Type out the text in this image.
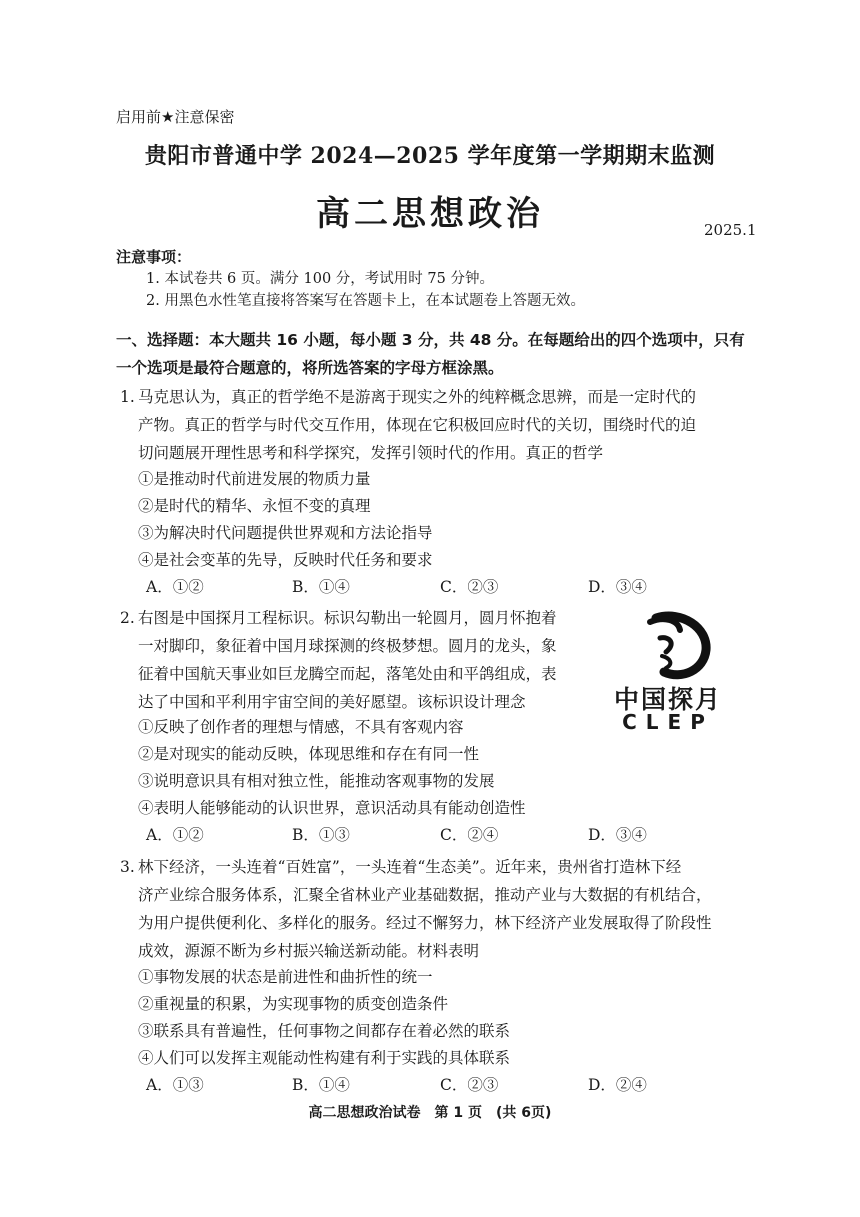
启用前★注意保密
贵阳市普通中学 2024—2025 学年度第一学期期末监测
高二思想政治	2025.1
注意事项：
1. 本试卷共 6 页。满分 100 分，考试用时 75 分钟。
2. 用黑色水性笔直接将答案写在答题卡上，在本试题卷上答题无效。
一、选择题：本大题共 16 小题，每小题 3 分，共 48 分。在每题给出的四个选项中，只有一个选项是最符合题意的，将所选答案的字母方框涂黑。
1. 马克思认为，真正的哲学绝不是游离于现实之外的纯粹概念思辨，而是一定时代的
产物。真正的哲学与时代交互作用，体现在它积极回应时代的关切，围绕时代的迫
切问题展开理性思考和科学探究，发挥引领时代的作用。真正的哲学
①是推动时代前进发展的物质力量
②是时代的精华、永恒不变的真理
③为解决时代问题提供世界观和方法论指导
④是社会变革的先导，反映时代任务和要求
A．①②	B．①④	C．②③	D．③④
2. 右图是中国探月工程标识。标识勾勒出一轮圆月，圆月怀抱着
一对脚印，象征着中国月球探测的终极梦想。圆月的龙头，象
征着中国航天事业如巨龙腾空而起，落笔处由和平鸽组成，表
达了中国和平利用宇宙空间的美好愿望。该标识设计理念
①反映了创作者的理想与情感，不具有客观内容
②是对现实的能动反映，体现思维和存在有同一性
③说明意识具有相对独立性，能推动客观事物的发展
④表明人能够能动的认识世界，意识活动具有能动创造性
A．①②	B．①③	C．②④	D．③④
中国探月
CLEP
3. 林下经济，一头连着“百姓富”，一头连着“生态美”。近年来，贵州省打造林下经
济产业综合服务体系，汇聚全省林业产业基础数据，推动产业与大数据的有机结合，
为用户提供便利化、多样化的服务。经过不懈努力，林下经济产业发展取得了阶段性
成效，源源不断为乡村振兴输送新动能。材料表明
①事物发展的状态是前进性和曲折性的统一
②重视量的积累，为实现事物的质变创造条件
③联系具有普遍性，任何事物之间都存在着必然的联系
④人们可以发挥主观能动性构建有利于实践的具体联系
A．①③	B．①④	C．②③	D．②④
高二思想政治试卷　第 1 页　(共 6页)
